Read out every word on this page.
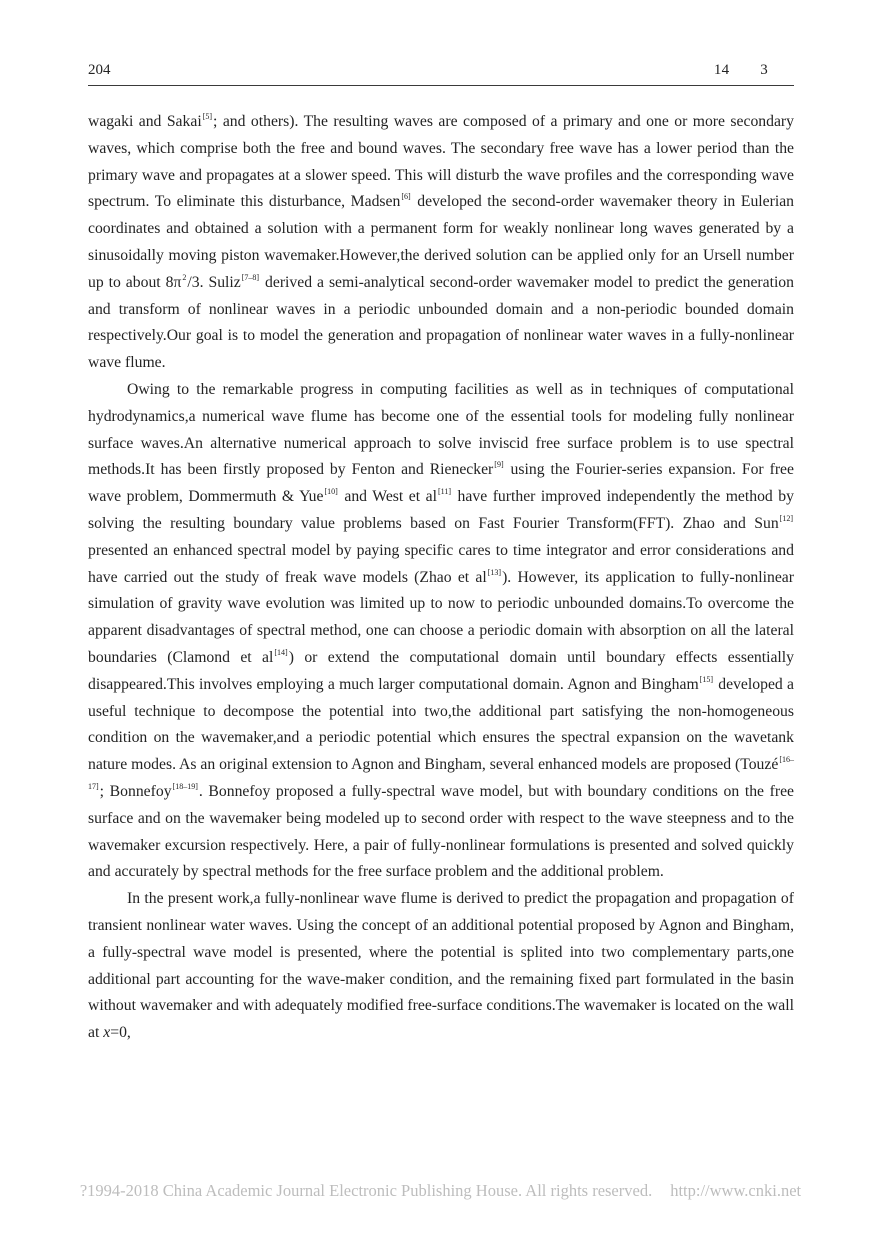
204	14 3

wagaki and Sakai[5]; and others). The resulting waves are composed of a primary and one or more secondary waves, which comprise both the free and bound waves. The secondary free wave has a lower period than the primary wave and propagates at a slower speed. This will disturb the wave profiles and the corresponding wave spectrum. To eliminate this disturbance, Madsen[6] developed the second-order wavemaker theory in Eulerian coordinates and obtained a solution with a permanent form for weakly nonlinear long waves generated by a sinusoidally moving piston wavemaker.However,the derived solution can be applied only for an Ursell number up to about 8π$^2$/3. Suliz[7–8] derived a semi-analytical second-order wavemaker model to predict the generation and transform of nonlinear waves in a periodic unbounded domain and a non-periodic bounded domain respectively.Our goal is to model the generation and propagation of nonlinear water waves in a fully-nonlinear wave flume.

Owing to the remarkable progress in computing facilities as well as in techniques of computational hydrodynamics,a numerical wave flume has become one of the essential tools for modeling fully nonlinear surface waves.An alternative numerical approach to solve inviscid free surface problem is to use spectral methods.It has been firstly proposed by Fenton and Rienecker[9] using the Fourier-series expansion. For free wave problem, Dommermuth & Yue[10] and West et al[11] have further improved independently the method by solving the resulting boundary value problems based on Fast Fourier Transform(FFT). Zhao and Sun[12] presented an enhanced spectral model by paying specific cares to time integrator and error considerations and have carried out the study of freak wave models (Zhao et al[13]). However, its application to fully-nonlinear simulation of gravity wave evolution was limited up to now to periodic unbounded domains.To overcome the apparent disadvantages of spectral method, one can choose a periodic domain with absorption on all the lateral boundaries (Clamond et al[14]) or extend the computational domain until boundary effects essentially disappeared.This involves employing a much larger computational domain. Agnon and Bingham[15] developed a useful technique to decompose the potential into two,the additional part satisfying the non-homogeneous condition on the wavemaker,and a periodic potential which ensures the spectral expansion on the wavetank nature modes. As an original extension to Agnon and Bingham, several enhanced models are proposed (Touzé[16–17]; Bonnefoy[18–19]. Bonnefoy proposed a fully-spectral wave model, but with boundary conditions on the free surface and on the wavemaker being modeled up to second order with respect to the wave steepness and to the wavemaker excursion respectively. Here, a pair of fully-nonlinear formulations is presented and solved quickly and accurately by spectral methods for the free surface problem and the additional problem.

In the present work,a fully-nonlinear wave flume is derived to predict the propagation and propagation of transient nonlinear water waves. Using the concept of an additional potential proposed by Agnon and Bingham, a fully-spectral wave model is presented, where the potential is splited into two complementary parts,one additional part accounting for the wave-maker condition, and the remaining fixed part formulated in the basin without wavemaker and with adequately modified free-surface conditions.The wavemaker is located on the wall at x=0,

?1994-2018 China Academic Journal Electronic Publishing House. All rights reserved. http://www.cnki.net
